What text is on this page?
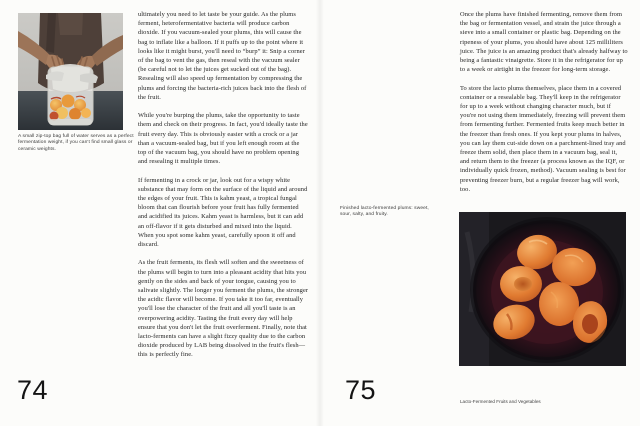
A small zip-top bag full of water serves as a perfect fermentation weight, if you can't find small glass or ceramic weights.

ultimately you need to let taste be your guide. As the plums ferment, heterofermentative bacteria will produce carbon dioxide. If you vacuum-sealed your plums, this will cause the bag to inflate like a balloon. If it puffs up to the point where it looks like it might burst, you'll need to “burp” it: Snip a corner of the bag to vent the gas, then reseal with the vacuum sealer (be careful not to let the juices get sucked out of the bag). Resealing will also speed up fermentation by compressing the plums and forcing the bacteria-rich juices back into the flesh of the fruit.

While you're burping the plums, take the opportunity to taste them and check on their progress. In fact, you'd ideally taste the fruit every day. This is obviously easier with a crock or a jar than a vacuum-sealed bag, but if you left enough room at the top of the vacuum bag, you should have no problem opening and resealing it multiple times.

If fermenting in a crock or jar, look out for a wispy white substance that may form on the surface of the liquid and around the edges of your fruit. This is kahm yeast, a tropical fungal bloom that can flourish before your fruit has fully fermented and acidified its juices. Kahm yeast is harmless, but it can add an off-flavor if it gets disturbed and mixed into the liquid. When you spot some kahm yeast, carefully spoon it off and discard.

As the fruit ferments, its flesh will soften and the sweetness of the plums will begin to turn into a pleasant acidity that hits you gently on the sides and back of your tongue, causing you to salivate slightly. The longer you ferment the plums, the stronger the acidic flavor will become. If you take it too far, eventually you'll lose the character of the fruit and all you'll taste is an overpowering acidity. Tasting the fruit every day will help ensure that you don't let the fruit overferment. Finally, note that lacto-ferments can have a slight fizzy quality due to the carbon dioxide produced by LAB being dissolved in the fruit's flesh—this is perfectly fine.

74

Once the plums have finished fermenting, remove them from the bag or fermentation vessel, and strain the juice through a sieve into a small container or plastic bag. Depending on the ripeness of your plums, you should have about 125 milliliters juice. The juice is an amazing product that's already halfway to being a fantastic vinaigrette. Store it in the refrigerator for up to a week or airtight in the freezer for long-term storage.

To store the lacto plums themselves, place them in a covered container or a resealable bag. They'll keep in the refrigerator for up to a week without changing character much, but if you're not using them immediately, freezing will prevent them from fermenting further. Fermented fruits keep much better in the freezer than fresh ones. If you kept your plums in halves, you can lay them cut-side down on a parchment-lined tray and freeze them solid, then place them in a vacuum bag, seal it, and return them to the freezer (a process known as the IQF, or individually quick frozen, method). Vacuum sealing is best for preventing freezer burn, but a regular freezer bag will work, too.

Finished lacto-fermented plums: sweet, sour, salty, and fruity.
75	Lacto-Fermented Fruits and Vegetables
